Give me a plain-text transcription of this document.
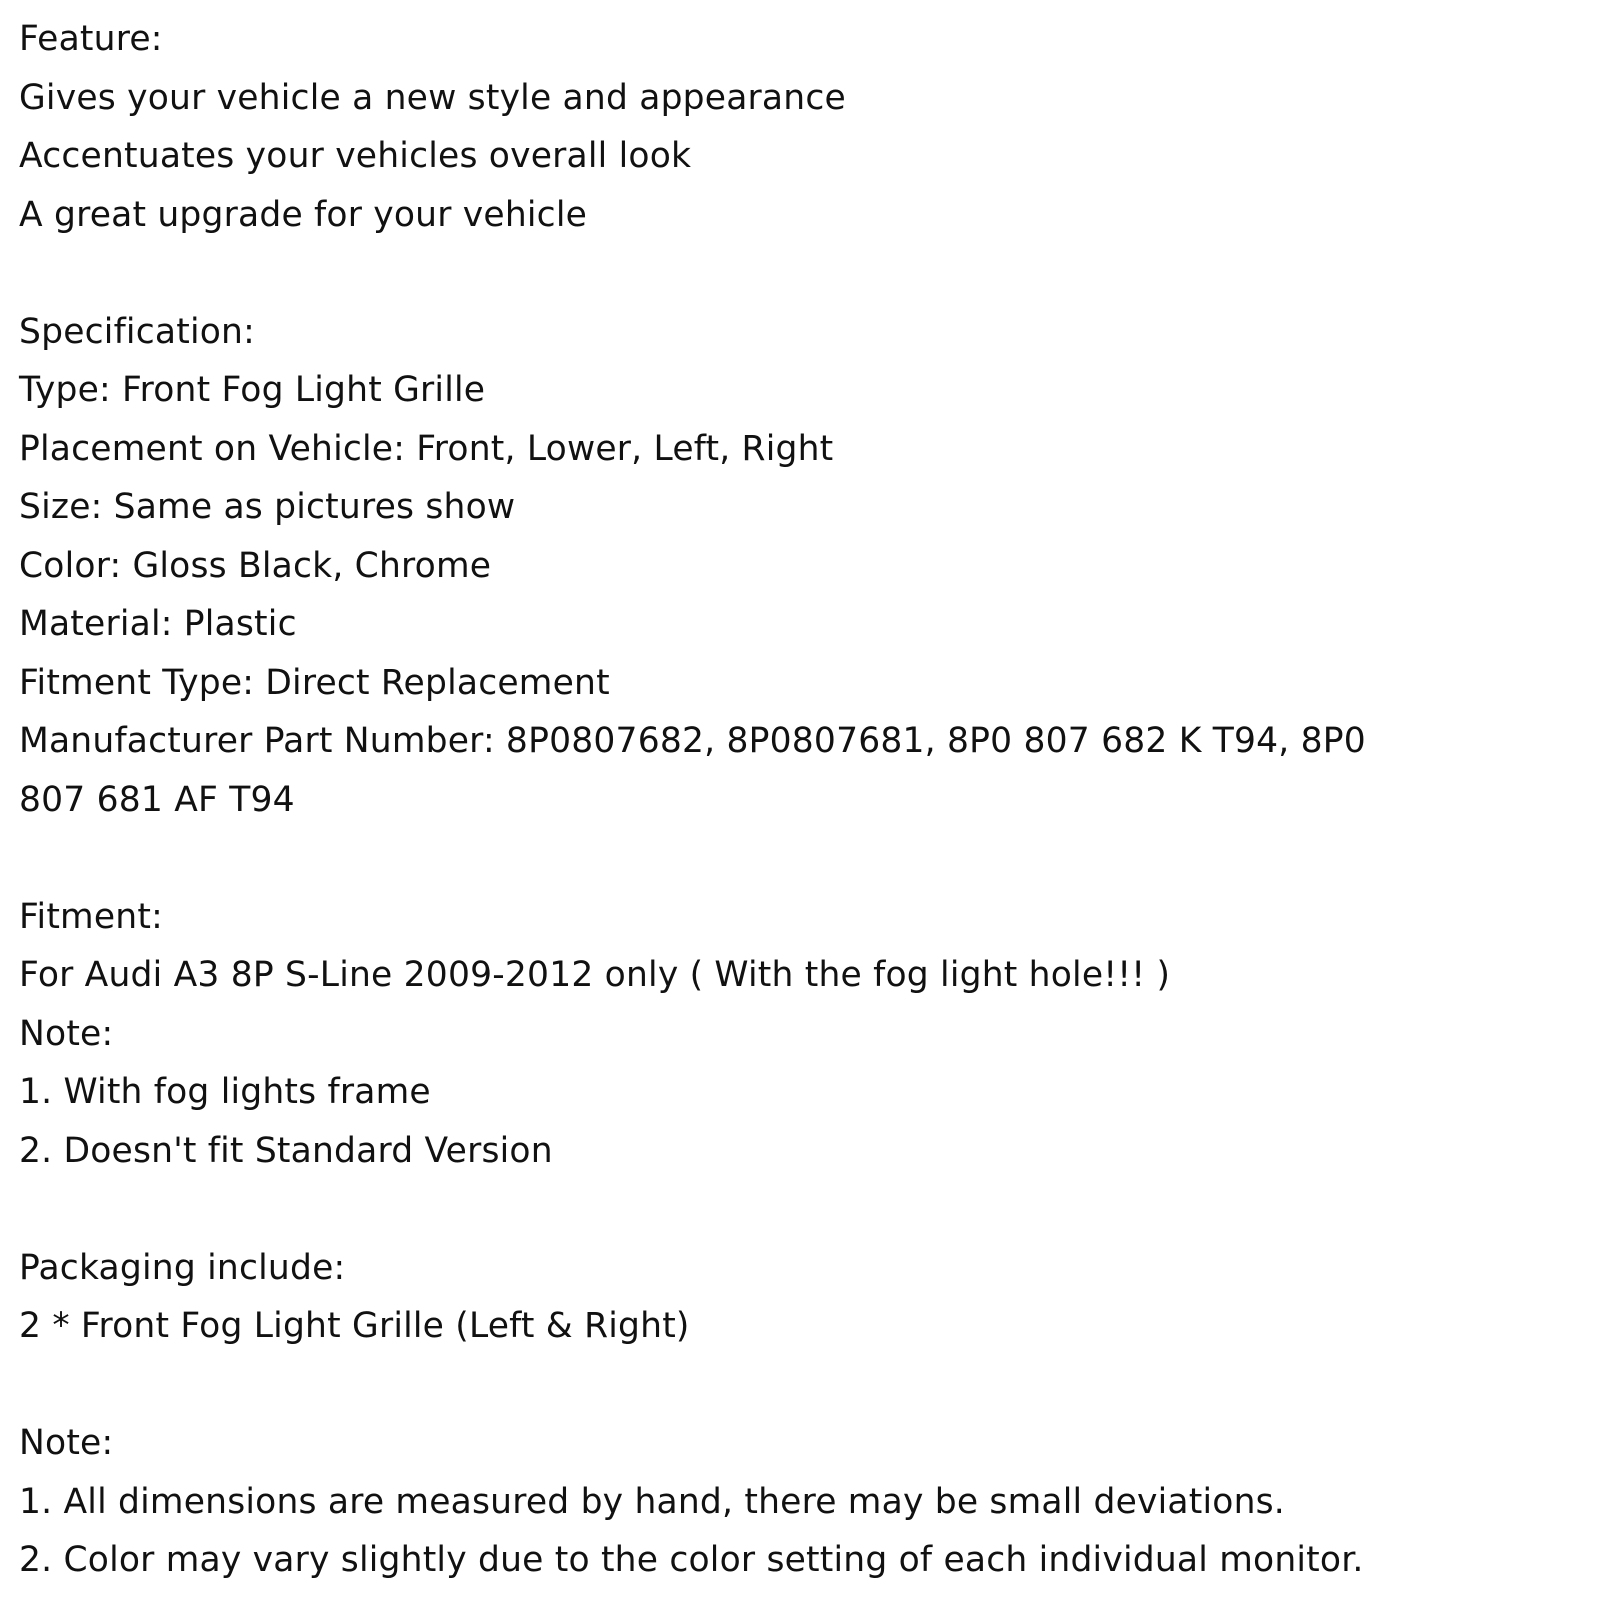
Feature:
Gives your vehicle a new style and appearance
Accentuates your vehicles overall look
A great upgrade for your vehicle
Specification:
Type: Front Fog Light Grille
Placement on Vehicle: Front, Lower, Left, Right
Size: Same as pictures show
Color: Gloss Black, Chrome
Material: Plastic
Fitment Type: Direct Replacement
Manufacturer Part Number: 8P0807682, 8P0807681, 8P0 807 682 K T94, 8P0
807 681 AF T94
Fitment:
For Audi A3 8P S-Line 2009-2012 only ( With the fog light hole!!! )
Note:
1. With fog lights frame
2. Doesn't fit Standard Version
Packaging include:
2 * Front Fog Light Grille (Left & Right)
Note:
1. All dimensions are measured by hand, there may be small deviations.
2. Color may vary slightly due to the color setting of each individual monitor.
